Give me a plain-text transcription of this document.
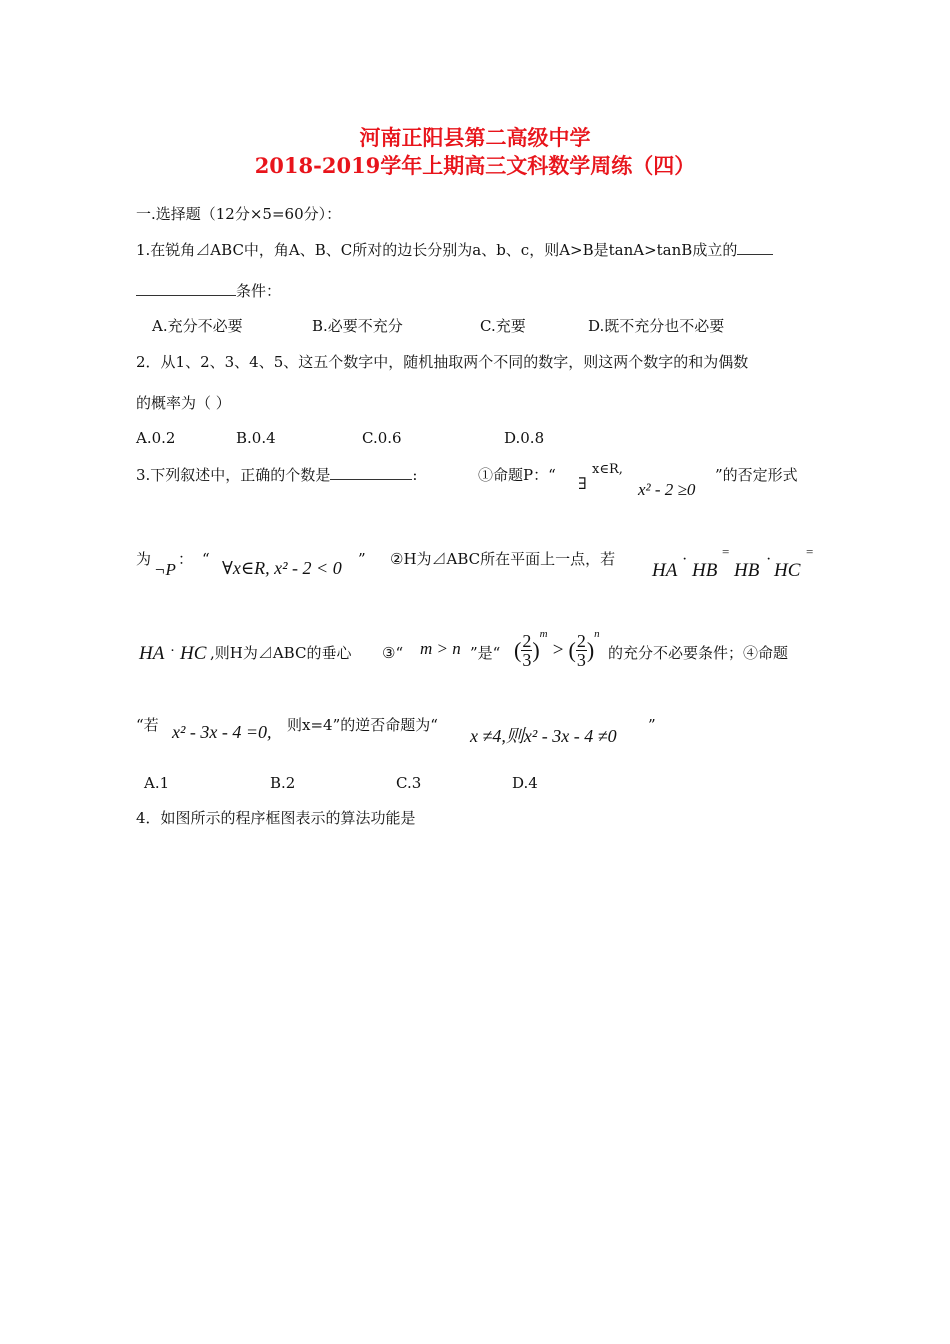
河南正阳县第二高级中学
2018-2019学年上期高三文科数学周练（四）
一.选择题（12分×5=60分）：
1.在锐角⊿ABC中，角A、B、C所对的边长分别为a、b、c，则A>B是tanA>tanB成立的
条件：
A.充分不必要	B.必要不充分	C.充要	D.既不充分也不必要
2．从1、2、3、4、5、这五个数字中，随机抽取两个不同的数字，则这两个数字的和为偶数
的概率为（ ）
A.0.2	B.0.4	C.0.6	D.0.8
3.下列叙述中，正确的个数是	:	①命题P：“
∃
x∈R,
x² - 2 ≥0
”的否定形式
为
¬P
： “ ∀x∈R, x² - 2 < 0 ” ②H为⊿ABC所在平面上一点，若
HA
·
HB
=
HB
·
HC
=
HA · HC ,则H为⊿ABC的垂心 ③“ m > n ”是“ ( $\frac{2}{3} )^m$ > ( $\frac{2}{3} )^n$
的充分不必要条件；④命题
“若 x² - 3x - 4 =0, 则x=4”的逆否命题为“
x ≠4,则x² - 3x - 4 ≠0
”
A.1	B.2	C.3	D.4
4．如图所示的程序框图表示的算法功能是
